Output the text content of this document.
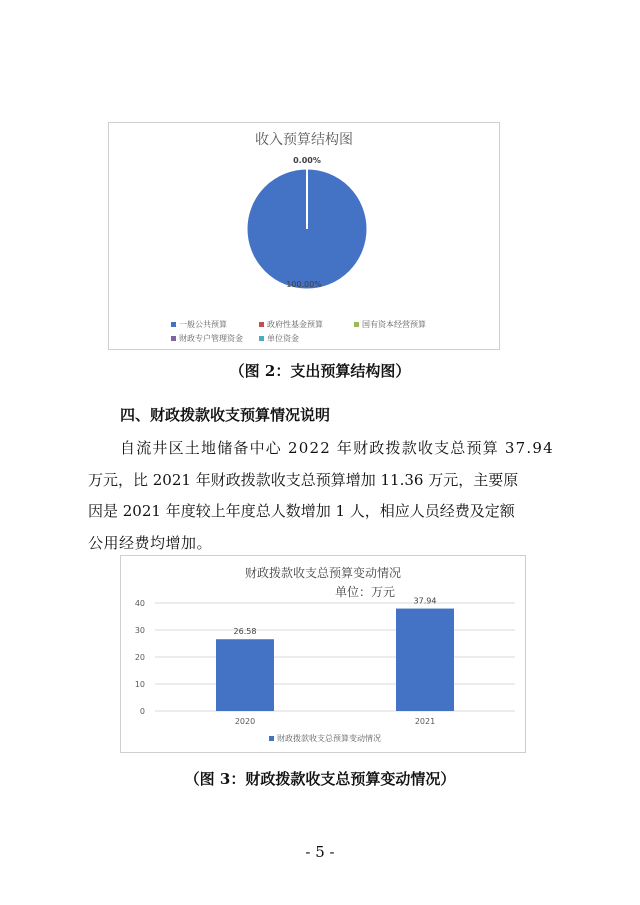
收入预算结构图
0.00%
100.00%
一般公共预算	政府性基金预算	国有资本经营预算
财政专户管理资金	单位资金
（图 2：支出预算结构图）
四、财政拨款收支预算情况说明
自流井区土地储备中心 2022 年财政拨款收支总预算 37.94
万元，比 2021 年财政拨款收支总预算增加 11.36 万元，主要原
因是 2021 年度较上年度总人数增加 1 人，相应人员经费及定额
公用经费均增加。
财政拨款收支总预算变动情况
单位：万元
0
10
20
30
40
26.58
2020
37.94
2021
财政拨款收支总预算变动情况
（图 3：财政拨款收支总预算变动情况）
- 5 -
